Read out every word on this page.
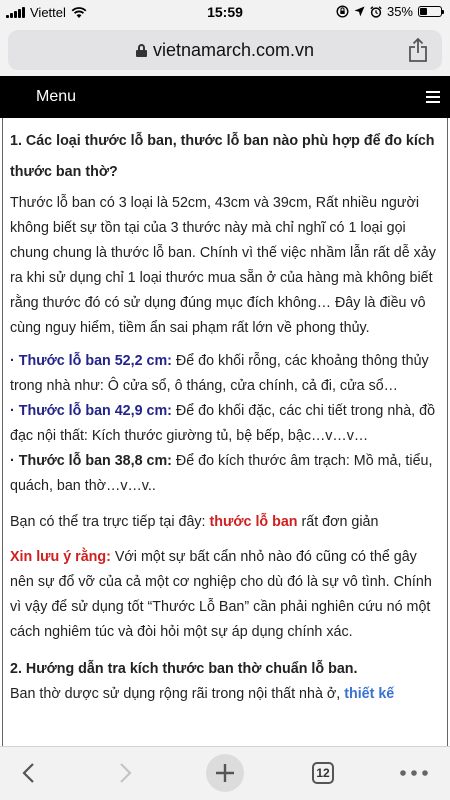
Viettel	15:59	35%
vietnamarch.com.vn
Menu

1. Các loại thước lỗ ban, thước lỗ ban nào phù hợp để đo kích
thước ban thờ?

Thước lỗ ban có 3 loại là 52cm, 43cm và 39cm, Rất nhiều người không biết sự tồn tại của 3 thước này mà chỉ nghĩ có 1 loại gọi chung chung là thước lỗ ban. Chính vì thế việc nhầm lẫn rất dễ xảy ra khi sử dụng chỉ 1 loại thước mua sẵn ở của hàng mà không biết rằng thước đó có sử dụng đúng mục đích không… Đây là điều vô cùng nguy hiểm, tiềm ẩn sai phạm rất lớn về phong thủy.

· Thước lỗ ban 52,2 cm: Để đo khối rỗng, các khoảng thông thủy trong nhà như: Ô cửa sổ, ô tháng, cửa chính, cả đi, cửa sổ…

· Thước lỗ ban 42,9 cm: Để đo khối đặc, các chi tiết trong nhà, đồ đạc nội thất: Kích thước giường tủ, bệ bếp, bậc…v…v…

· Thước lỗ ban 38,8 cm: Để đo kích thước âm trạch: Mồ mả, tiểu, quách, ban thờ…v…v..

Bạn có thể tra trực tiếp tại đây: thước lỗ ban rất đơn giản

Xin lưu ý rằng: Với một sự bất cẩn nhỏ nào đó cũng có thể gây nên sự đổ vỡ của cả một cơ nghiệp cho dù đó là sự vô tình. Chính vì vậy để sử dụng tốt “Thước Lỗ Ban” cần phải nghiên cứu nó một cách nghiêm túc và đòi hỏi một sự áp dụng chính xác.

2. Hướng dẫn tra kích thước ban thờ chuẩn lỗ ban.

Ban thờ dược sử dụng rộng rãi trong nội thất nhà ở, thiết kế

12
